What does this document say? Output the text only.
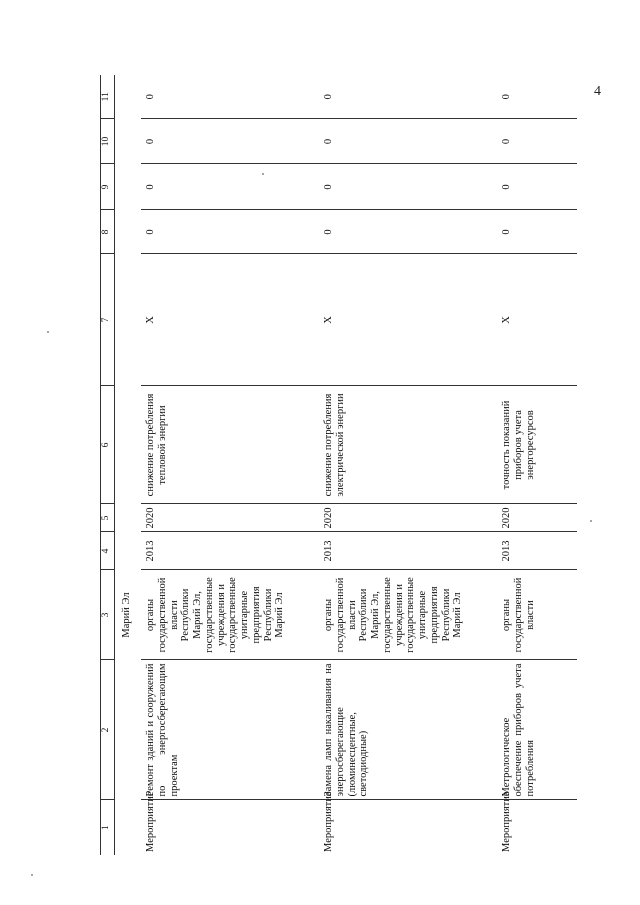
4
1	2	3	4	5	6	7	8	9	10	11
		Марий Эл								
Мероприятие	Ремонт зданий и сооружений по энергосберегающим проектам	органы государственной власти Республики Марий Эл, государственные учреждения и государственные унитарные предприятия Республики Марий Эл	2013	2020	снижение потребления тепловой энергии	X	0	0	0	0
Мероприятие	Замена ламп накаливания на энергосберегающие (люминесцентные, светодиодные)	органы государственной власти Республики Марий Эл, государственные учреждения и государственные унитарные предприятия Республики Марий Эл	2013	2020	снижение потребления электрической энергии	X	0	0	0	0
Мероприятие	Метрологическое обеспечение приборов учета потребления	органы государственной власти	2013	2020	точность показаний приборов учета энергоресурсов	X	0	0	0	0
